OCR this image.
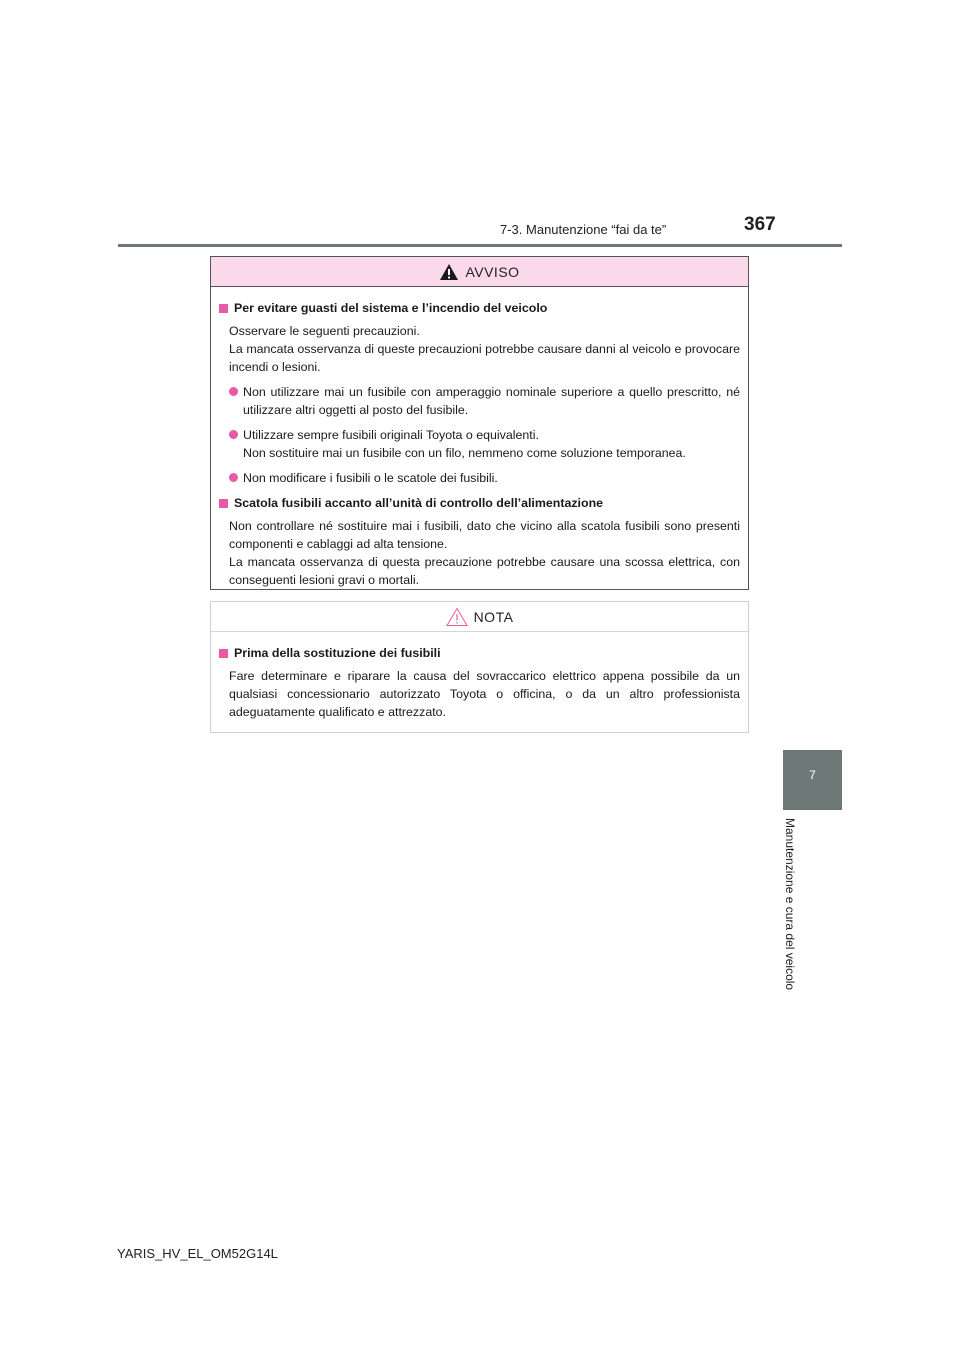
7-3. Manutenzione “fai da te”	367
7
Manutenzione e cura del veicolo
AVVISO
Per evitare guasti del sistema e l’incendio del veicolo
Osservare le seguenti precauzioni.
La mancata osservanza di queste precauzioni potrebbe causare danni al veicolo e provocare incendi o lesioni.
Non utilizzare mai un fusibile con amperaggio nominale superiore a quello prescritto, né utilizzare altri oggetti al posto del fusibile.
Utilizzare sempre fusibili originali Toyota o equivalenti.
Non sostituire mai un fusibile con un filo, nemmeno come soluzione temporanea.
Non modificare i fusibili o le scatole dei fusibili.
Scatola fusibili accanto all’unità di controllo dell’alimentazione
Non controllare né sostituire mai i fusibili, dato che vicino alla scatola fusibili sono presenti componenti e cablaggi ad alta tensione.
La mancata osservanza di questa precauzione potrebbe causare una scossa elettrica, con conseguenti lesioni gravi o mortali.
NOTA
Prima della sostituzione dei fusibili
Fare determinare e riparare la causa del sovraccarico elettrico appena possibile da un qualsiasi concessionario autorizzato Toyota o officina, o da un altro professionista adeguatamente qualificato e attrezzato.
YARIS_HV_EL_OM52G14L
